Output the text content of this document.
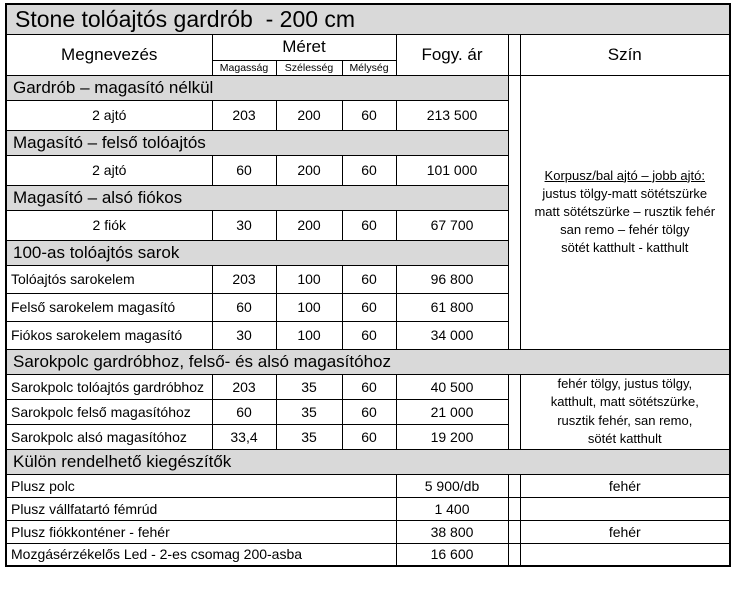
Stone tolóajtós gardrób  - 200 cm						
Megnevezés	Méret			Fogy. ár		Szín
	Magasság	Szélesség	Mélység			
Gardrób – magasító nélkül						Korpusz/bal ajtó – jobb ajtó:
justus tölgy-matt sötétszürke
matt sötétszürke – rusztik fehér
san remo – fehér tölgy
sötét katthult - katthult

2 ajtó	203	200	60	213 500		
Magasító – felső tolóajtós						
2 ajtó	60	200	60	101 000		
Magasító – alsó fiókos						
2 fiók	30	200	60	67 700		
100-as tolóajtós sarok						
Tolóajtós sarokelem	203	100	60	96 800		
Felső sarokelem magasító	60	100	60	61 800		
Fiókos sarokelem magasító	30	100	60	34 000		
Sarokpolc gardróbhoz, felső- és alsó magasítóhoz						
Sarokpolc tolóajtós gardróbhoz	203	35	60	40 500		fehér tölgy, justus tölgy,
katthult, matt sötétszürke,
rusztik fehér, san remo,
sötét katthult

Sarokpolc felső magasítóhoz	60	35	60	21 000		
Sarokpolc alsó magasítóhoz	33,4	35	60	19 200		
Külön rendelhető kiegészítők						
Plusz polc				5 900/db		fehér
Plusz vállfatartó fémrúd				1 400		
Plusz fiókkonténer - fehér				38 800		fehér
Mozgásérzékelős Led - 2-es csomag 200-asba				16 600		
